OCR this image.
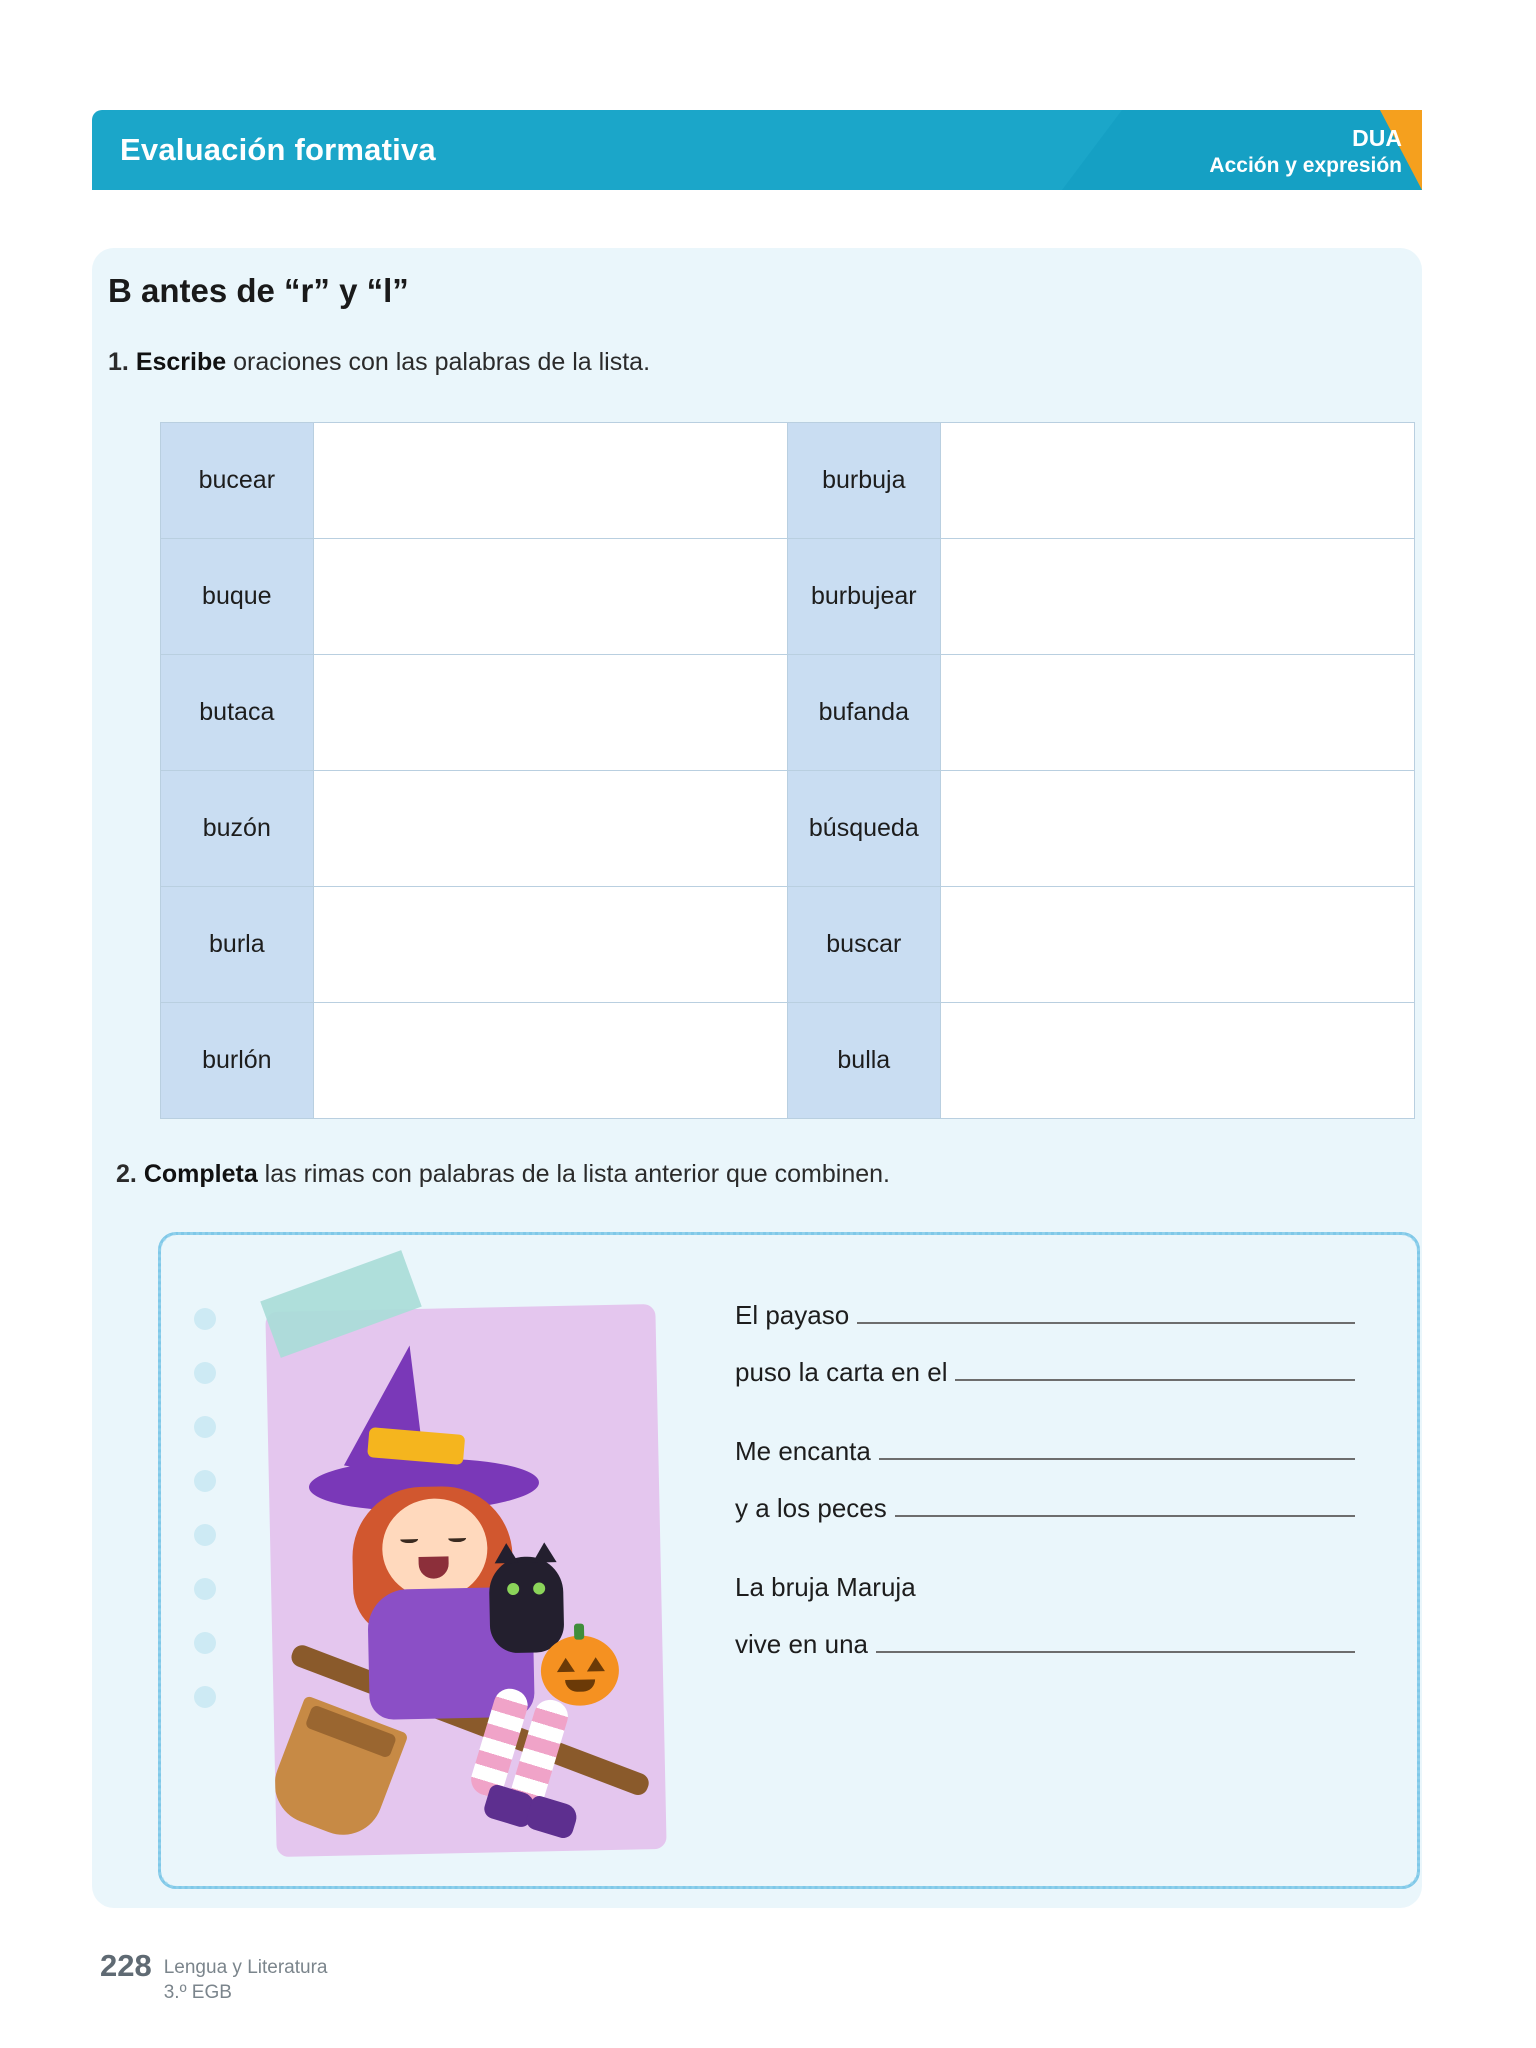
Evaluación formativa	DUA
Acción y expresión
B antes de “r” y “l”
1. Escribe oraciones con las palabras de la lista.
bucear		burbuja	
buque		burbujear	
butaca		bufanda	
buzón		búsqueda	
burla		buscar	
burlón		bulla	
2. Completa las rimas con palabras de la lista anterior que combinen.
El payaso
puso la carta en el
Me encanta
y a los peces
La bruja Maruja
vive en una
228 Lengua y Literatura
3.º EGB
